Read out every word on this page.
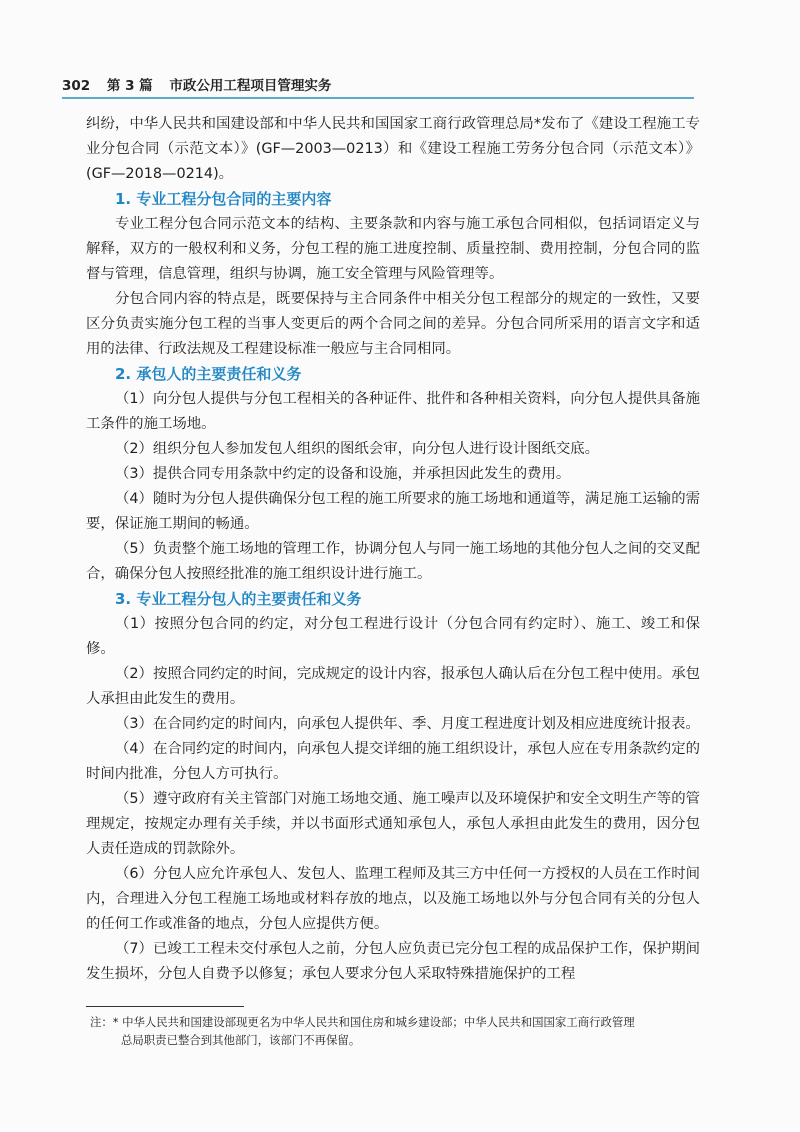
302 第 3 篇 市政公用工程项目管理实务

纠纷，中华人民共和国建设部和中华人民共和国国家工商行政管理总局*发布了《建设工程施工专业分包合同（示范文本）》(GF—2003—0213）和《建设工程施工劳务分包合同（示范文本）》(GF—2018—0214)。

1. 专业工程分包合同的主要内容

专业工程分包合同示范文本的结构、主要条款和内容与施工承包合同相似，包括词语定义与解释，双方的一般权利和义务，分包工程的施工进度控制、质量控制、费用控制，分包合同的监督与管理，信息管理，组织与协调，施工安全管理与风险管理等。

分包合同内容的特点是，既要保持与主合同条件中相关分包工程部分的规定的一致性，又要区分负责实施分包工程的当事人变更后的两个合同之间的差异。分包合同所采用的语言文字和适用的法律、行政法规及工程建设标准一般应与主合同相同。

2. 承包人的主要责任和义务

（1）向分包人提供与分包工程相关的各种证件、批件和各种相关资料，向分包人提供具备施工条件的施工场地。

（2）组织分包人参加发包人组织的图纸会审，向分包人进行设计图纸交底。

（3）提供合同专用条款中约定的设备和设施，并承担因此发生的费用。

（4）随时为分包人提供确保分包工程的施工所要求的施工场地和通道等，满足施工运输的需要，保证施工期间的畅通。

（5）负责整个施工场地的管理工作，协调分包人与同一施工场地的其他分包人之间的交叉配合，确保分包人按照经批准的施工组织设计进行施工。

3. 专业工程分包人的主要责任和义务

（1）按照分包合同的约定，对分包工程进行设计（分包合同有约定时）、施工、竣工和保修。

（2）按照合同约定的时间，完成规定的设计内容，报承包人确认后在分包工程中使用。承包人承担由此发生的费用。

（3）在合同约定的时间内，向承包人提供年、季、月度工程进度计划及相应进度统计报表。

（4）在合同约定的时间内，向承包人提交详细的施工组织设计，承包人应在专用条款约定的时间内批准，分包人方可执行。

（5）遵守政府有关主管部门对施工场地交通、施工噪声以及环境保护和安全文明生产等的管理规定，按规定办理有关手续，并以书面形式通知承包人，承包人承担由此发生的费用，因分包人责任造成的罚款除外。

（6）分包人应允许承包人、发包人、监理工程师及其三方中任何一方授权的人员在工作时间内，合理进入分包工程施工场地或材料存放的地点，以及施工场地以外与分包合同有关的分包人的任何工作或准备的地点，分包人应提供方便。

（7）已竣工工程未交付承包人之前，分包人应负责已完分包工程的成品保护工作，保护期间发生损坏，分包人自费予以修复；承包人要求分包人采取特殊措施保护的工程

注：* 中华人民共和国建设部现更名为中华人民共和国住房和城乡建设部；中华人民共和国国家工商行政管理
总局职责已整合到其他部门，该部门不再保留。
